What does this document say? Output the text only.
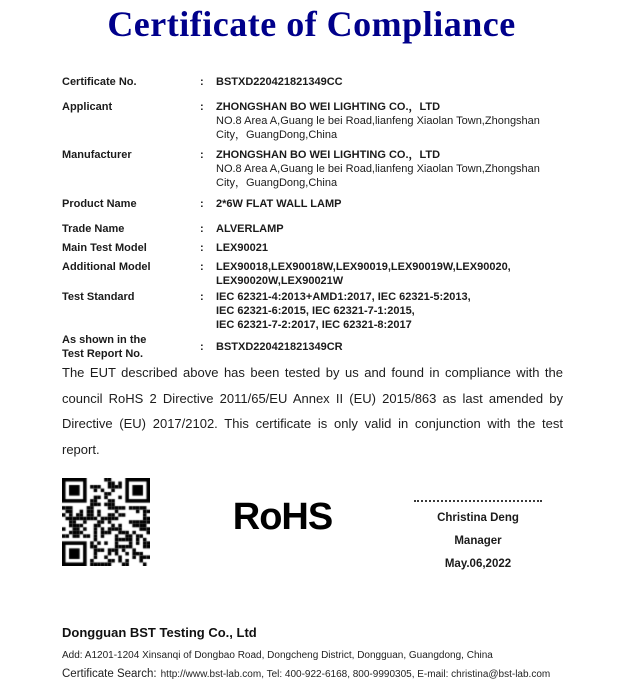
Certificate of Compliance
Certificate No.	:	BSTXD220421821349CC
Applicant	:	ZHONGSHAN BO WEI LIGHTING CO.，LTD
NO.8 Area A,Guang le bei Road,lianfeng Xiaolan Town,Zhongshan
City，GuangDong,China
Manufacturer	:	ZHONGSHAN BO WEI LIGHTING CO.，LTD
NO.8 Area A,Guang le bei Road,lianfeng Xiaolan Town,Zhongshan
City，GuangDong,China
Product Name	:	2*6W FLAT WALL LAMP
Trade Name	:	ALVERLAMP
Main Test Model	:	LEX90021
Additional Model	:	LEX90018,LEX90018W,LEX90019,LEX90019W,LEX90020,
LEX90020W,LEX90021W
Test Standard	:	IEC 62321-4:2013+AMD1:2017, IEC 62321-5:2013,
IEC 62321-6:2015, IEC 62321-7-1:2015,
IEC 62321-7-2:2017, IEC 62321-8:2017
As shown in the
Test Report No.
:	BSTXD220421821349CR
The EUT described above has been tested by us and found in compliance with the council RoHS 2 Directive 2011/65/EU Annex II (EU) 2015/863 as last amended by Directive (EU) 2017/2102. This certificate is only valid in conjunction with the test report.
RoHS	Christina Deng
Manager
May.06,2022
Dongguan BST Testing Co., Ltd
Add: A1201-1204 Xinsanqi of Dongbao Road, Dongcheng District, Dongguan, Guangdong, China
Certificate Search: http://www.bst-lab.com, Tel: 400-922-6168, 800-9990305, E-mail: christina@bst-lab.com
